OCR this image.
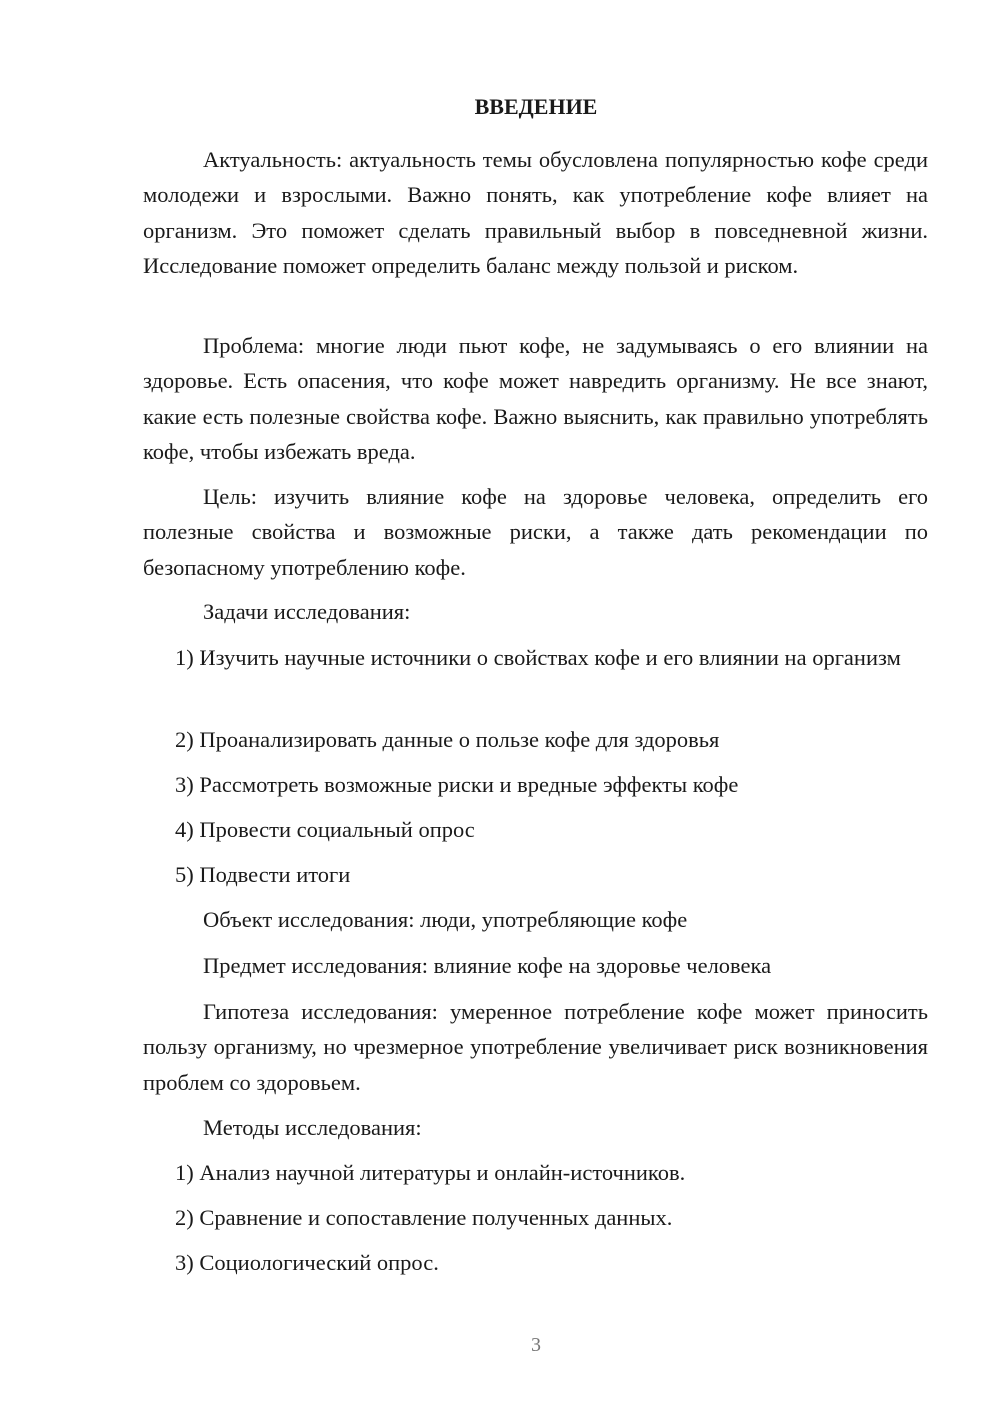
ВВЕДЕНИЕ

Актуальность: актуальность темы обусловлена популярностью кофе среди молодежи и взрослыми. Важно понять, как употребление кофе влияет на организм. Это поможет сделать правильный выбор в повседневной жизни. Исследование поможет определить баланс между пользой и риском.

Проблема: многие люди пьют кофе, не задумываясь о его влиянии на здоровье. Есть опасения, что кофе может навредить организму. Не все знают, какие есть полезные свойства кофе. Важно выяснить, как правильно употреблять кофе, чтобы избежать вреда.

Цель: изучить влияние кофе на здоровье человека, определить его полезные свойства и возможные риски, а также дать рекомендации по безопасному употреблению кофе.

Задачи исследования:

1) Изучить научные источники о свойствах кофе и его влиянии на организм

2) Проанализировать данные о пользе кофе для здоровья

3) Рассмотреть возможные риски и вредные эффекты кофе

4) Провести социальный опрос

5) Подвести итоги

Объект исследования: люди, употребляющие кофе

Предмет исследования: влияние кофе на здоровье человека

Гипотеза исследования: умеренное потребление кофе может приносить пользу организму, но чрезмерное употребление увеличивает риск возникновения проблем со здоровьем.

Методы исследования:

1) Анализ научной литературы и онлайн-источников.

2) Сравнение и сопоставление полученных данных.

3) Социологический опрос.

3
